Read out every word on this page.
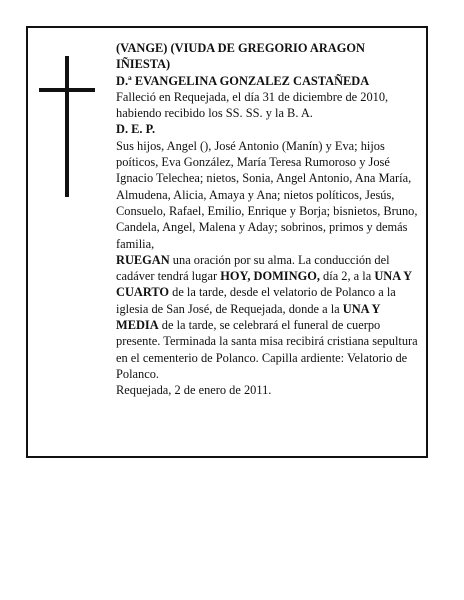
(VANGE) (VIUDA DE GREGORIO ARAGON IÑIESTA)

D.ª EVANGELINA GONZALEZ CASTAÑEDA

Falleció en Requejada, el día 31 de diciembre de 2010, habiendo recibido los SS. SS. y la B. A.

D. E. P.

Sus hijos, Angel (), José Antonio (Manín) y Eva; hijos poíticos, Eva González, María Teresa Rumoroso y José Ignacio Telechea; nietos, Sonia, Angel Antonio, Ana María, Almudena, Alicia, Amaya y Ana; nietos políticos, Jesús, Consuelo, Rafael, Emilio, Enrique y Borja; bisnietos, Bruno, Candela, Angel, Malena y Aday; sobrinos, primos y demás familia,

RUEGAN una oración por su alma. La conducción del cadáver tendrá lugar HOY, DOMINGO, día 2, a la UNA Y CUARTO de la tarde, desde el velatorio de Polanco a la iglesia de San José, de Requejada, donde a la UNA Y MEDIA de la tarde, se celebrará el funeral de cuerpo presente. Terminada la santa misa recibirá cristiana sepultura en el cementerio de Polanco. Capilla ardiente: Velatorio de Polanco.

Requejada, 2 de enero de 2011.
